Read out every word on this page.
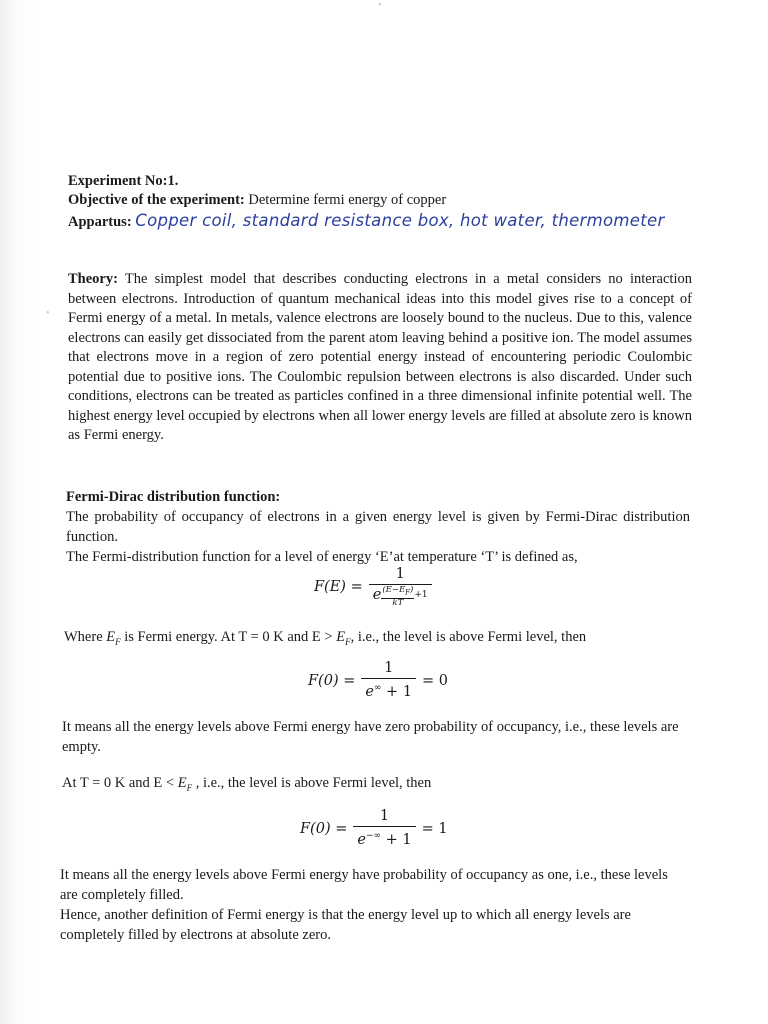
Experiment No:1.
Objective of the experiment: Determine fermi energy of copper
Appartus: Copper coil, standard resistance box, hot water, thermometer
Theory: The simplest model that describes conducting electrons in a metal considers no interaction between electrons. Introduction of quantum mechanical ideas into this model gives rise to a concept of Fermi energy of a metal. In metals, valence electrons are loosely bound to the nucleus. Due to this, valence electrons can easily get dissociated from the parent atom leaving behind a positive ion. The model assumes that electrons move in a region of zero potential energy instead of encountering periodic Coulombic potential due to positive ions. The Coulombic repulsion between electrons is also discarded. Under such conditions, electrons can be treated as particles confined in a three dimensional infinite potential well. The highest energy level occupied by electrons when all lower energy levels are filled at absolute zero is known as Fermi energy.
Fermi-Dirac distribution function:
The probability of occupancy of electrons in a given energy level is given by Fermi-Dirac distribution function.
The Fermi-distribution function for a level of energy ‘E’at temperature ‘T’ is defined as,
$F(E) = \frac{1}{e \frac{(E-E_F)}{kT} +1}$
Where $E_F$ is Fermi energy. At T = 0 K and $E > E_F$, i.e., the level is above Fermi level, then
$F(0) = \frac{1}{e^\infty + 1} = 0$
It means all the energy levels above Fermi energy have zero probability of occupancy, i.e., these levels are empty.
At T = 0 K and $E < E_F$ , i.e., the level is above Fermi level, then
$F(0) = \frac{1}{e^{-\infty} + 1} = 1$
It means all the energy levels above Fermi energy have probability of occupancy as one, i.e., these levels are completely filled.
Hence, another definition of Fermi energy is that the energy level up to which all energy levels are completely filled by electrons at absolute zero.
•
•
